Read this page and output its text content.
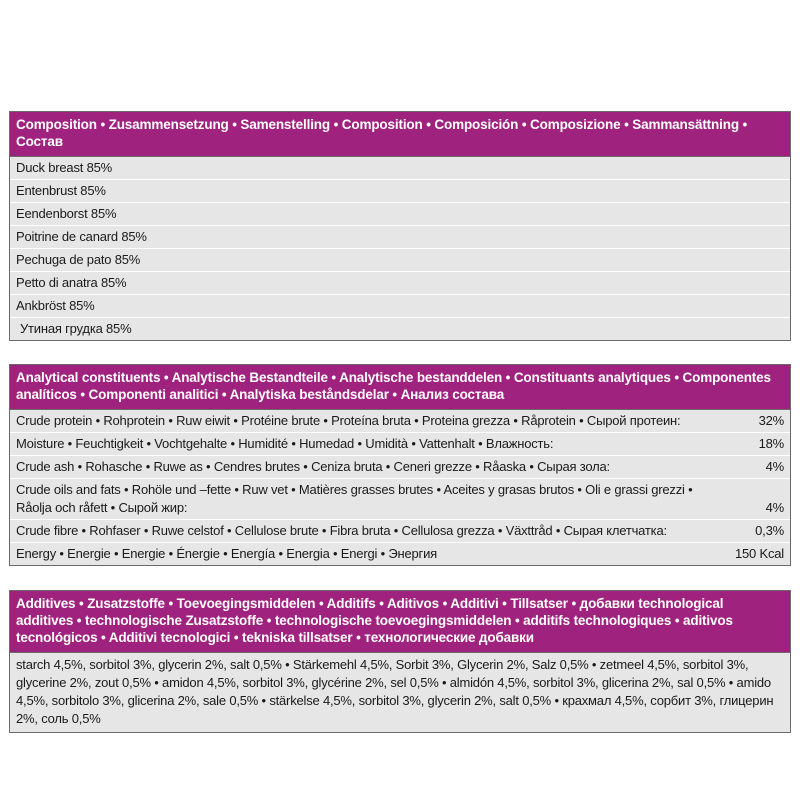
Composition • Zusammensetzung • Samenstelling • Composition • Composición • Composizione • Sammansättning • Состав
Duck breast 85%
Entenbrust 85%
Eendenborst 85%
Poitrine de canard 85%
Pechuga de pato 85%
Petto di anatra 85%
Ankbröst 85%
Утиная грудка 85%
Analytical constituents • Analytische Bestandteile • Analytische bestanddelen • Constituants analytiques • Componentes analíticos • Componenti analitici • Analytiska beståndsdelar • Анализ состава
Crude protein • Rohprotein • Ruw eiwit • Protéine brute • Proteína bruta • Proteina grezza • Råprotein • Сырой протеин:	32%
Moisture • Feuchtigkeit • Vochtgehalte • Humidité • Humedad • Umidità • Vattenhalt • Влажность:	18%
Crude ash • Rohasche • Ruwe as • Cendres brutes • Ceniza bruta • Ceneri grezze • Råaska • Сырая зола:	4%
Crude oils and fats • Rohöle und –fette • Ruw vet • Matières grasses brutes • Aceites y grasas brutos • Oli e grassi grezzi • Råolja och råfett • Сырой жир:	4%
Crude fibre • Rohfaser • Ruwe celstof • Cellulose brute • Fibra bruta • Cellulosa grezza • Växttråd • Сырая клетчатка:	0,3%
Energy • Energie • Energie • Énergie • Energía • Energia • Energi • Энергия	150 Kcal
Additives • Zusatzstoffe • Toevoegingsmiddelen • Additifs • Aditivos • Additivi • Tillsatser • добавки technological additives • technologische Zusatzstoffe • technologische toevoegingsmiddelen • additifs technologiques • aditivos tecnológicos • Additivi tecnologici • tekniska tillsatser • технологические добавки
starch 4,5%, sorbitol 3%, glycerin 2%, salt 0,5% • Stärkemehl 4,5%, Sorbit 3%, Glycerin 2%, Salz 0,5% • zetmeel 4,5%, sorbitol 3%, glycerine 2%, zout 0,5% • amidon 4,5%, sorbitol 3%, glycérine 2%, sel 0,5% • almidón 4,5%, sorbitol 3%, glicerina 2%, sal 0,5% • amido 4,5%, sorbitolo 3%, glicerina 2%, sale 0,5% • stärkelse 4,5%, sorbitol 3%, glycerin 2%, salt 0,5% • крахмал 4,5%, сорбит 3%, глицерин 2%, соль 0,5%
